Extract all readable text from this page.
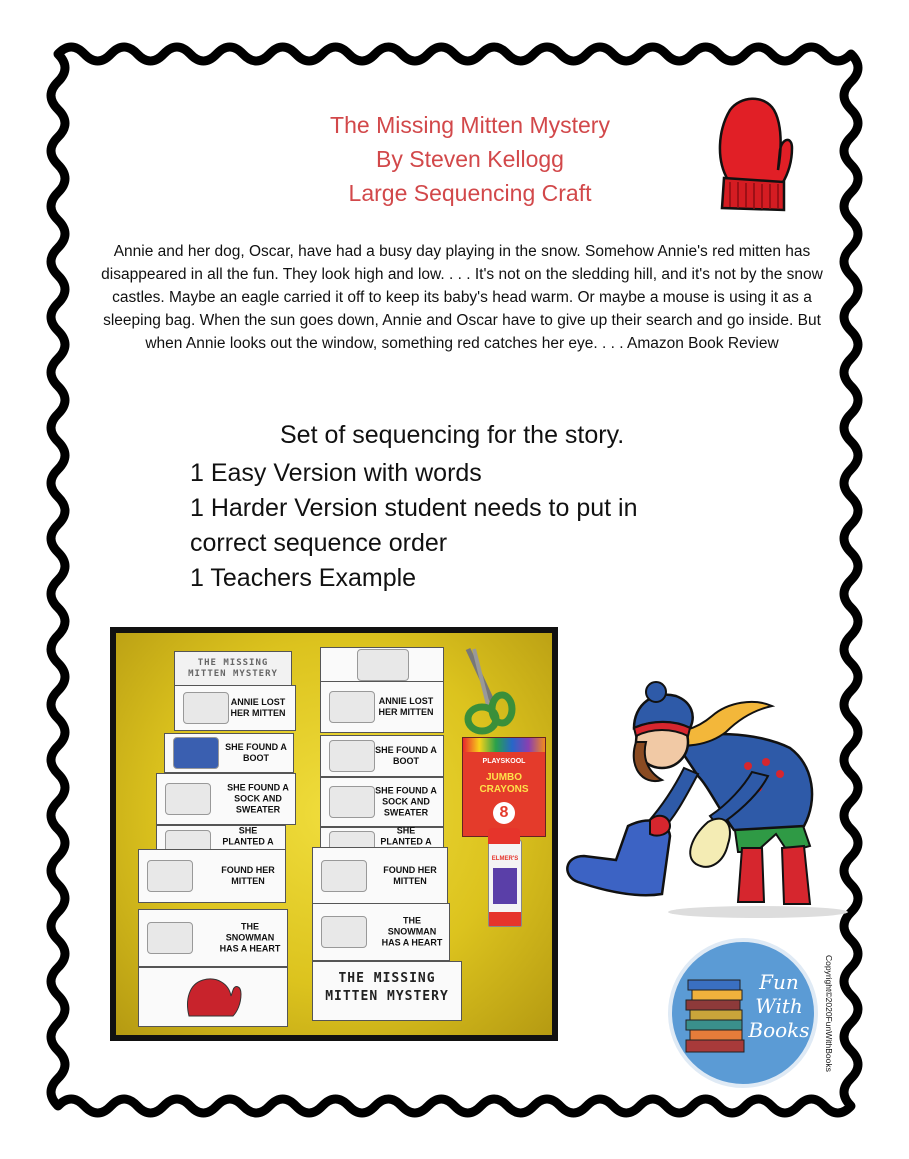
The Missing Mitten Mystery
By Steven Kellogg
Large Sequencing Craft
Annie and her dog, Oscar, have had a busy day playing in the snow. Somehow Annie's red mitten has disappeared in all the fun. They look high and low. . . . It's not on the sledding hill, and it's not by the snow castles. Maybe an eagle carried it off to keep its baby's head warm. Or maybe a mouse is using it as a sleeping bag. When the sun goes down, Annie and Oscar have to give up their search and go inside. But when Annie looks out the window, something red catches her eye. . . . Amazon Book Review
Set of sequencing for the story.
1 Easy Version with words
1 Harder Version student needs to put in correct sequence order
1 Teachers Example
THE MISSING MITTEN MYSTERY
ANNIE LOST HER MITTEN
SHE FOUND A BOOT
SHE FOUND A SOCK AND SWEATER
SHE PLANTED A
FOUND HER MITTEN
THE SNOWMAN HAS A HEART
ANNIE LOST HER MITTEN
SHE FOUND A BOOT
SHE FOUND A SOCK AND SWEATER
SHE PLANTED A
FOUND HER MITTEN
THE SNOWMAN HAS A HEART
THE MISSING MITTEN MYSTERY
PLAYSKOOL
JUMBO CRAYONS
8
ELMER'S
Fun
With
Books	Copyright©2020FunWithBooks
